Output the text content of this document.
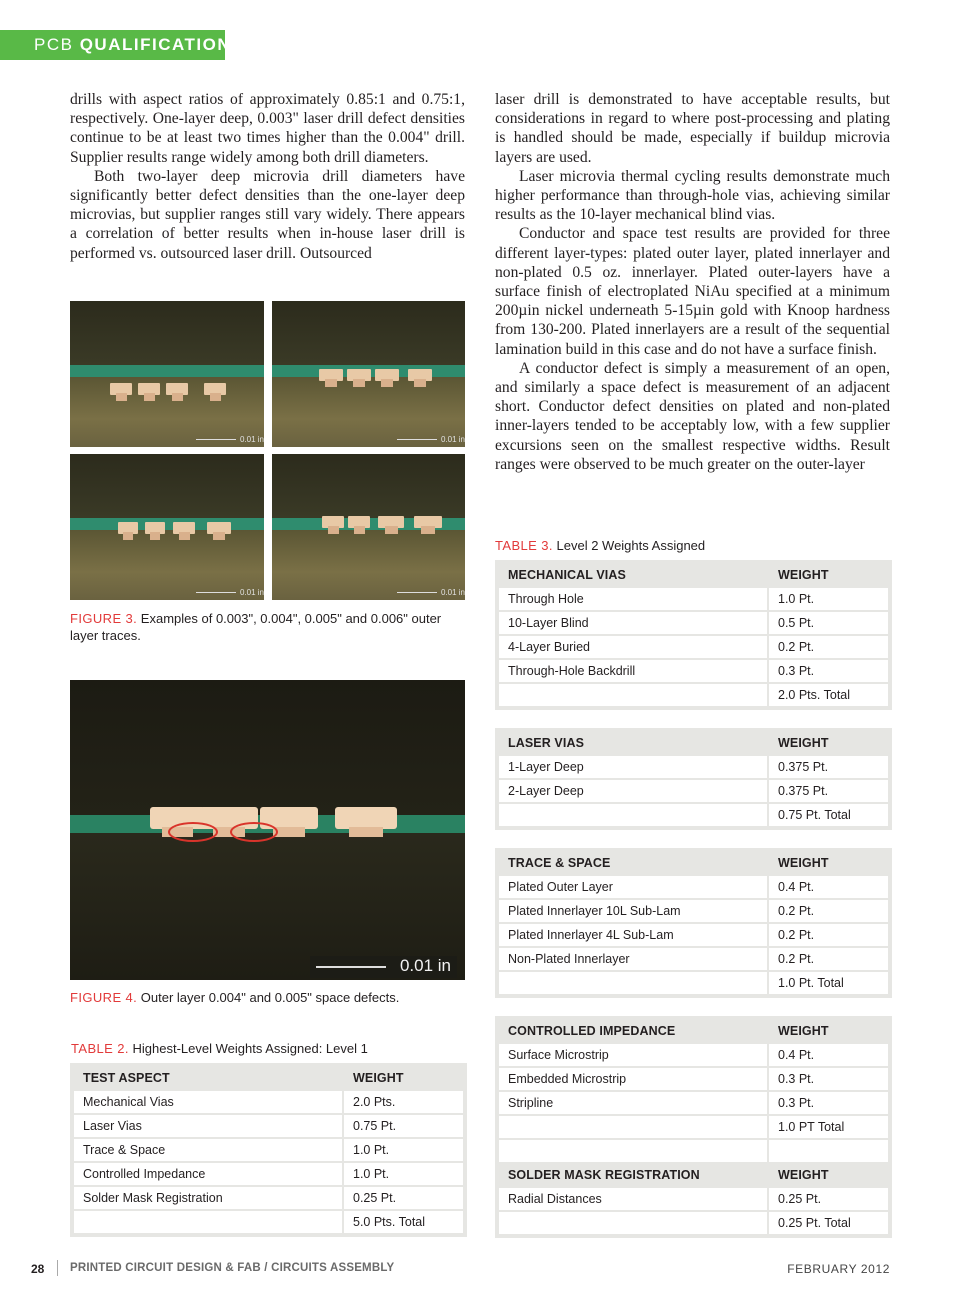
PCB QUALIFICATION

drills with aspect ratios of approximately 0.85:1 and 0.75:1, respectively. One-layer deep, 0.003" laser drill defect densities continue to be at least two times higher than the 0.004" drill. Supplier results range widely among both drill diameters.

Both two-layer deep microvia drill diameters have significantly better defect densities than the one-layer deep microvias, but supplier ranges still vary widely. There appears a correlation of better results when in-house laser drill is performed vs. outsourced laser drill. Outsourced

laser drill is demonstrated to have acceptable results, but considerations in regard to where post-processing and plating is handled should be made, especially if buildup microvia layers are used.

Laser microvia thermal cycling results demonstrate much higher performance than through-hole vias, achieving similar results as the 10-layer mechanical blind vias.

Conductor and space test results are provided for three different layer-types: plated outer layer, plated innerlayer and non-plated 0.5 oz. innerlayer. Plated outer-layers have a surface finish of electroplated NiAu specified at a minimum 200µin nickel underneath 5-15µin gold with Knoop hardness from 130-200. Plated innerlayers are a result of the sequential lamination build in this case and do not have a surface finish.

A conductor defect is simply a measurement of an open, and similarly a space defect is measurement of an adjacent short. Conductor defect densities on plated and non-plated inner-layers tended to be acceptably low, with a few supplier excursions seen on the smallest respective widths. Result ranges were observed to be much greater on the outer-layer

0.01 in	0.01 in
0.01 in	0.01 in
FIGURE 3. Examples of 0.003", 0.004", 0.005" and 0.006" outer layer traces.
0.01 in
FIGURE 4. Outer layer 0.004" and 0.005" space defects.
TABLE 2. Highest-Level Weights Assigned: Level 1
TEST ASPECT	WEIGHT
Mechanical Vias	2.0 Pts.
Laser Vias	0.75 Pt.
Trace & Space	1.0 Pt.
Controlled Impedance	1.0 Pt.
Solder Mask Registration	0.25 Pt.
5.0 Pts. Total
TABLE 3. Level 2 Weights Assigned
MECHANICAL VIAS	WEIGHT
Through Hole	1.0 Pt.
10-Layer Blind	0.5 Pt.
4-Layer Buried	0.2 Pt.
Through-Hole Backdrill	0.3 Pt.
2.0 Pts. Total
LASER VIAS	WEIGHT
1-Layer Deep	0.375 Pt.
2-Layer Deep	0.375 Pt.
0.75 Pt. Total
TRACE & SPACE	WEIGHT
Plated Outer Layer	0.4 Pt.
Plated Innerlayer 10L Sub-Lam	0.2 Pt.
Plated Innerlayer 4L Sub-Lam	0.2 Pt.
Non-Plated Innerlayer	0.2 Pt.
1.0 Pt. Total
CONTROLLED IMPEDANCE	WEIGHT
Surface Microstrip	0.4 Pt.
Embedded Microstrip	0.3 Pt.
Stripline	0.3 Pt.
1.0 PT Total
SOLDER MASK REGISTRATION	WEIGHT
Radial Distances	0.25 Pt.
0.25 Pt. Total
28 PRINTED CIRCUIT DESIGN & FAB / CIRCUITS ASSEMBLY	FEBRUARY 2012
